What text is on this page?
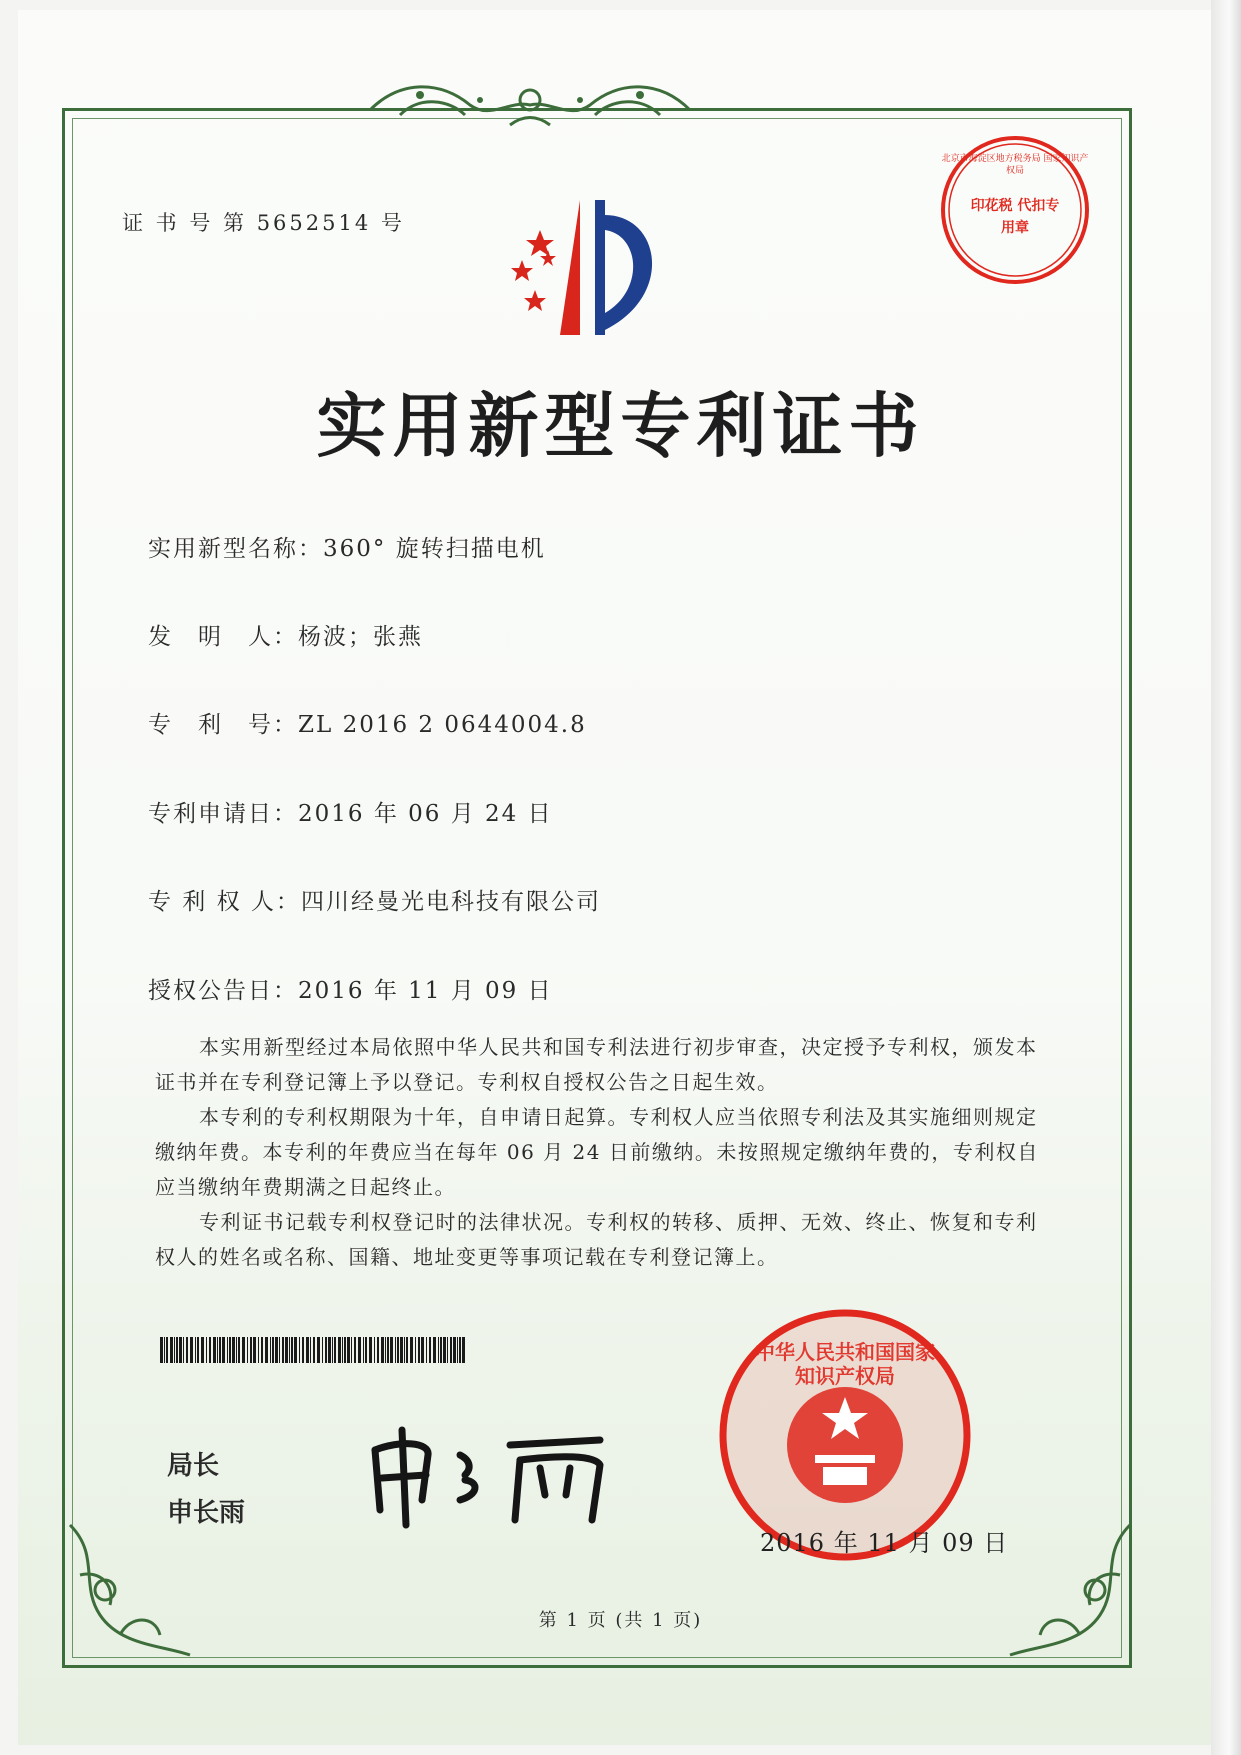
证 书 号 第 5652514 号
北京市海淀区地方税务局 国家知识产权局
印花税 代扣专用章
实用新型专利证书
实用新型名称：360° 旋转扫描电机
发　明　人：杨波；张燕
专　利　号：ZL 2016 2 0644004.8
专利申请日：2016 年 06 月 24 日
专 利 权 人：四川经曼光电科技有限公司
授权公告日：2016 年 11 月 09 日
本实用新型经过本局依照中华人民共和国专利法进行初步审查，决定授予专利权，颁发本证书并在专利登记簿上予以登记。专利权自授权公告之日起生效。
本专利的专利权期限为十年，自申请日起算。专利权人应当依照专利法及其实施细则规定缴纳年费。本专利的年费应当在每年 06 月 24 日前缴纳。未按照规定缴纳年费的，专利权自应当缴纳年费期满之日起终止。
专利证书记载专利权登记时的法律状况。专利权的转移、质押、无效、终止、恢复和专利权人的姓名或名称、国籍、地址变更等事项记载在专利登记簿上。
局长
申长雨
中华人民共和国国家知识产权局
2016 年 11 月 09 日
第 1 页 (共 1 页)
